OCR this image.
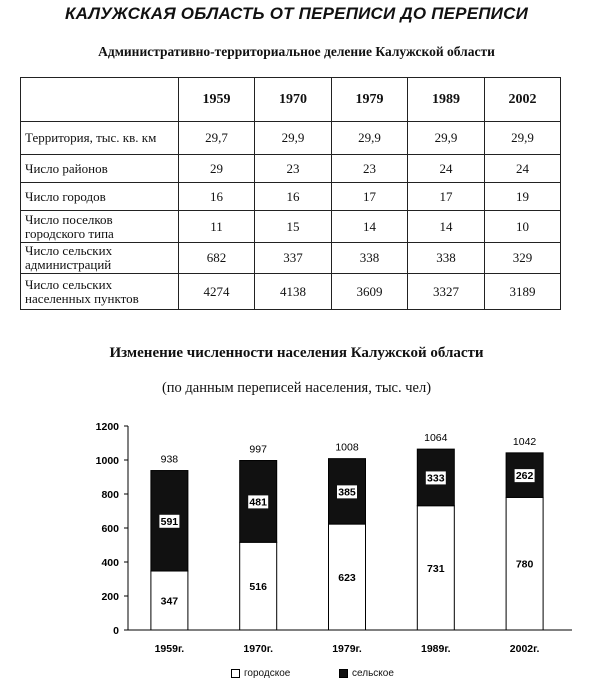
КАЛУЖСКАЯ ОБЛАСТЬ ОТ ПЕРЕПИСИ ДО ПЕРЕПИСИ
Административно-территориальное деление Калужской области
	1959	1970	1979	1989	2002
Территория, тыс. кв. км	29,7	29,9	29,9	29,9	29,9
Число районов	29	23	23	24	24
Число городов	16	16	17	17	19
Число поселков городского типа	11	15	14	14	10
Число сельских администраций	682	337	338	338	329
Число сельских населенных пунктов	4274	4138	3609	3327	3189
Изменение численности населения Калужской области
(по данным переписей населения, тыс. чел)
0
200
400
600
800
1000
1200
347
591
938
1959г.
516
481
997
1970г.
623
385
1008
1979г.
731
333
1064
1989г.
780
262
1042
2002г.
городское	сельское
